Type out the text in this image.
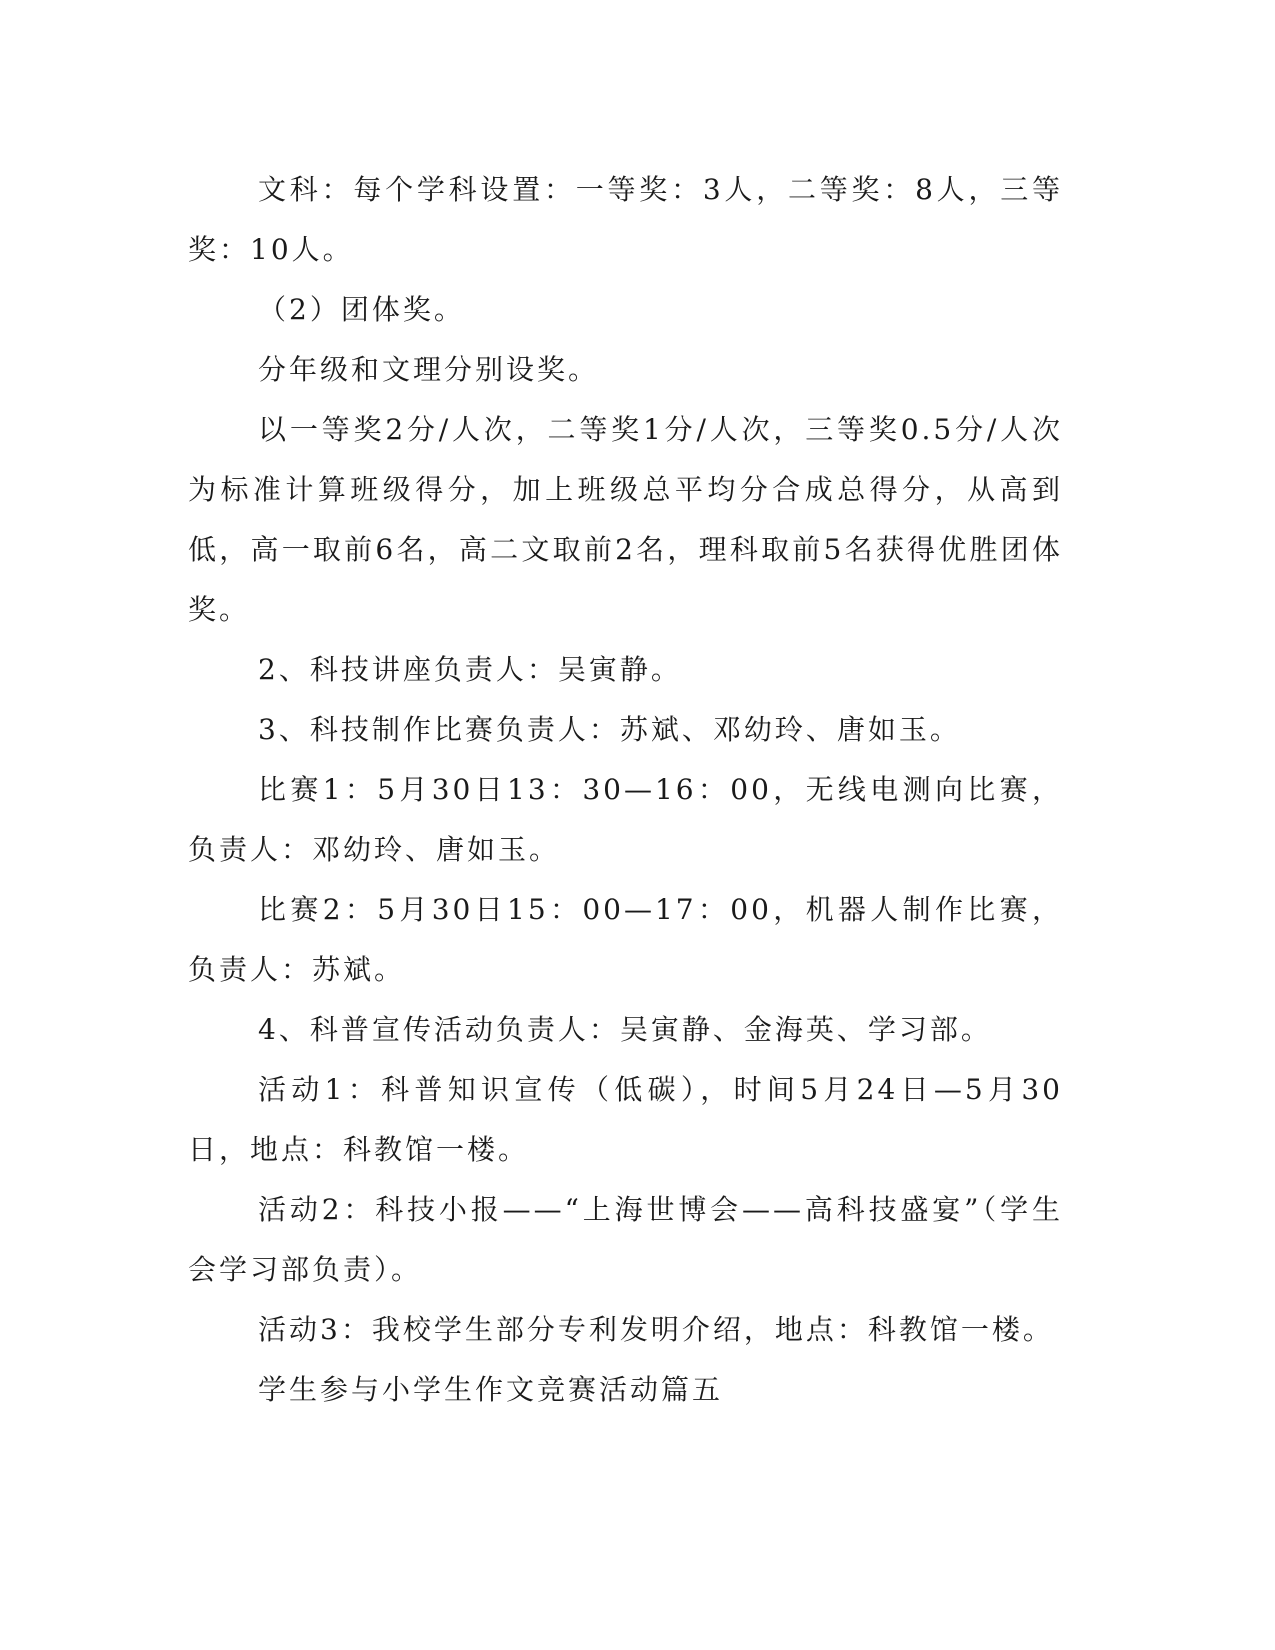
文科：每个学科设置：一等奖：3人，二等奖：8人，三等奖：10人。

（2）团体奖。

分年级和文理分别设奖。

以一等奖2分/人次，二等奖1分/人次，三等奖0.5分/人次为标准计算班级得分，加上班级总平均分合成总得分，从高到低，高一取前6名，高二文取前2名，理科取前5名获得优胜团体奖。

2、科技讲座负责人：吴寅静。

3、科技制作比赛负责人：苏斌、邓幼玲、唐如玉。

比赛1：5月30日13：30—16：00，无线电测向比赛，负责人：邓幼玲、唐如玉。

比赛2：5月30日15：00—17：00，机器人制作比赛，负责人：苏斌。

4、科普宣传活动负责人：吴寅静、金海英、学习部。

活动1：科普知识宣传（低碳），时间5月24日—5月30日，地点：科教馆一楼。

活动2：科技小报——“上海世博会——高科技盛宴”（学生会学习部负责）。

活动3：我校学生部分专利发明介绍，地点：科教馆一楼。

学生参与小学生作文竞赛活动篇五
